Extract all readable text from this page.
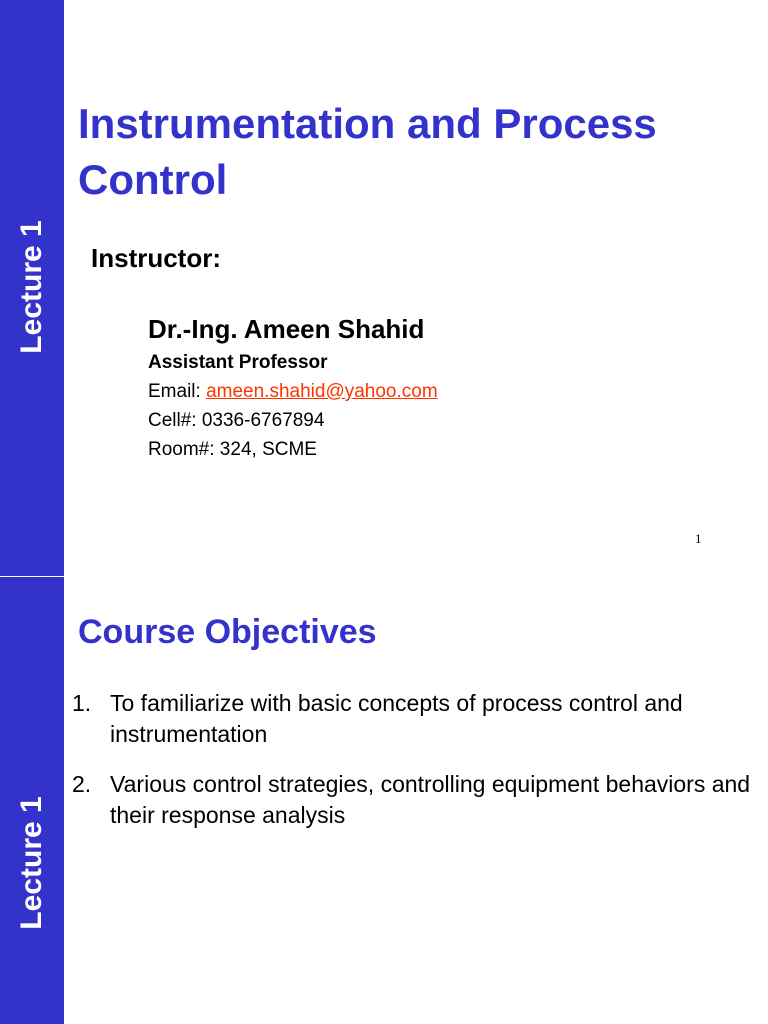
Lecture 1
Instrumentation and Process Control
Instructor:
Dr.-Ing. Ameen Shahid
Assistant Professor
Email: ameen.shahid@yahoo.com
Cell#: 0336-6767894
Room#: 324, SCME
1
Lecture 1
Course Objectives
1. To familiarize with basic concepts of process control and instrumentation
2. Various control strategies, controlling equipment behaviors and their response analysis
